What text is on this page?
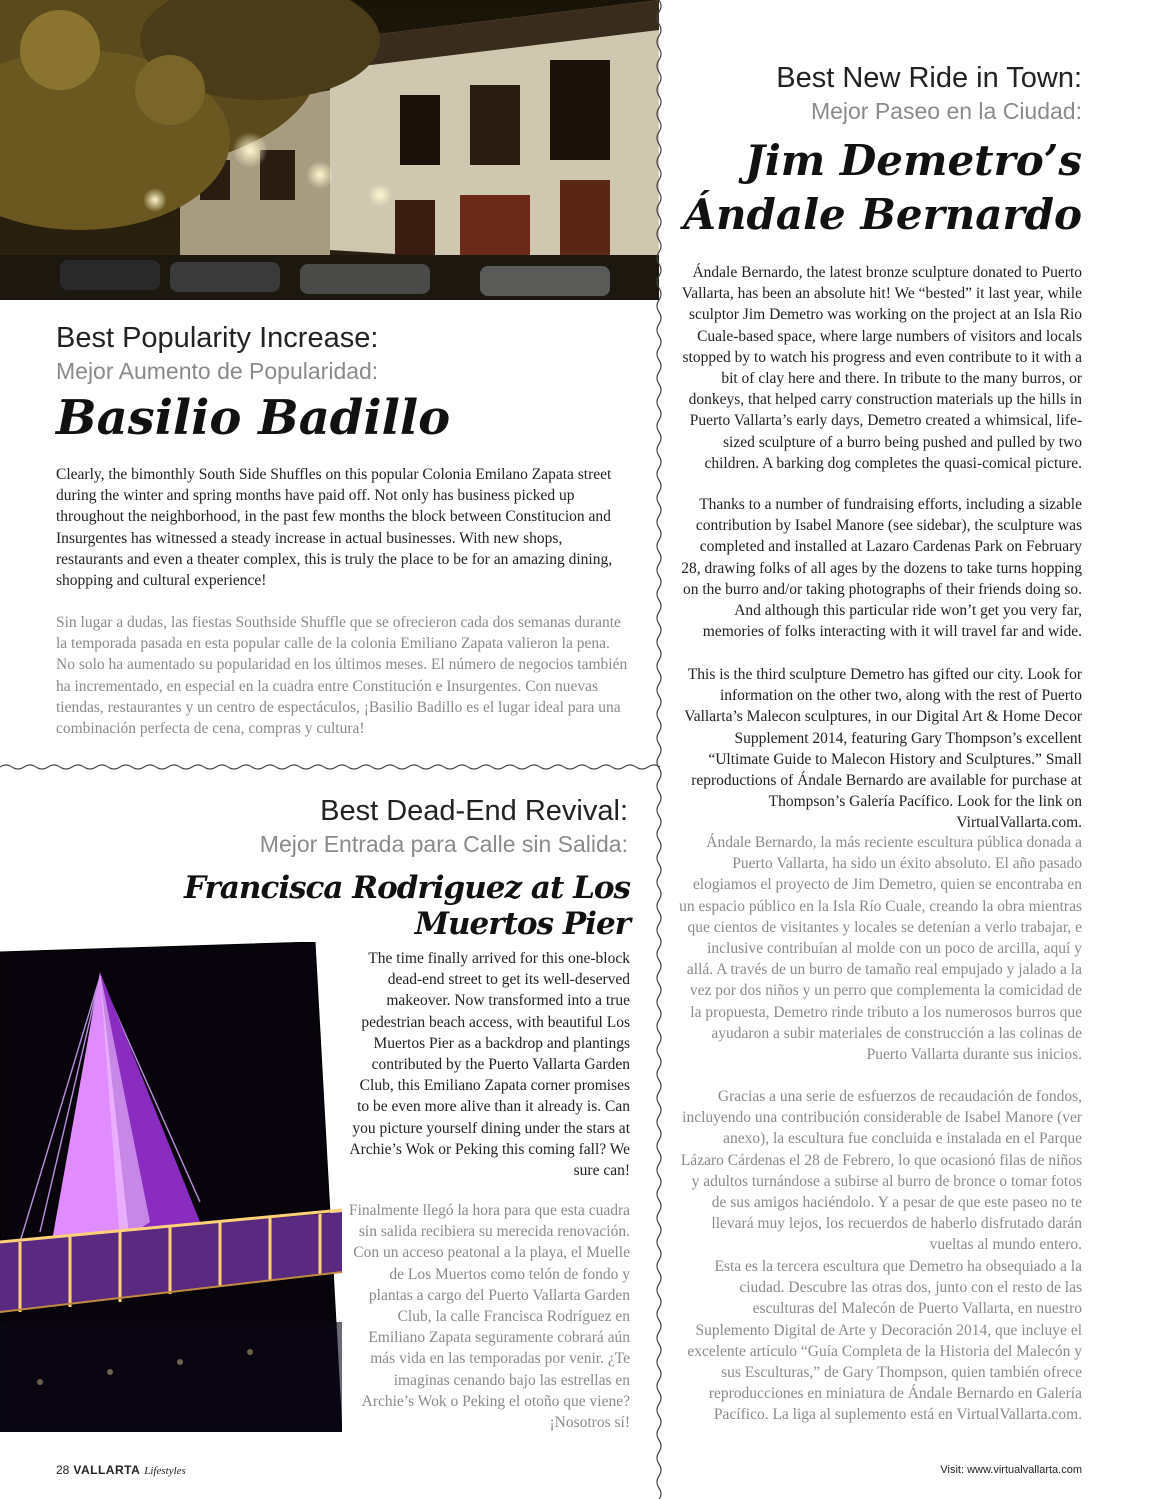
Best Popularity Increase:
Mejor Aumento de Popularidad:
Basilio Badillo

Clearly, the bimonthly South Side Shuffles on this popular Colonia Emilano Zapata street during the winter and spring months have paid off. Not only has business picked up throughout the neighborhood, in the past few months the block between Constitucion and Insurgentes has witnessed a steady increase in actual businesses. With new shops, restaurants and even a theater complex, this is truly the place to be for an amazing dining, shopping and cultural experience!

Sin lugar a dudas, las fiestas Southside Shuffle que se ofrecieron cada dos semanas durante la temporada pasada en esta popular calle de la colonia Emiliano Zapata valieron la pena. No solo ha aumentado su popularidad en los últimos meses. El número de negocios también ha incrementado, en especial en la cuadra entre Constitución e Insurgentes. Con nuevas tiendas, restaurantes y un centro de espectáculos, ¡Basilio Badillo es el lugar ideal para una combinación perfecta de cena, compras y cultura!

Best Dead-End Revival:
Mejor Entrada para Calle sin Salida:
Francisca Rodriguez at Los Muertos Pier

The time finally arrived for this one-block dead-end street to get its well-deserved makeover. Now transformed into a true pedestrian beach access, with beautiful Los Muertos Pier as a backdrop and plantings contributed by the Puerto Vallarta Garden Club, this Emiliano Zapata corner promises to be even more alive than it already is. Can you picture yourself dining under the stars at Archie’s Wok or Peking this coming fall? We sure can!

Finalmente llegó la hora para que esta cuadra sin salida recibiera su merecida renovación. Con un acceso peatonal a la playa, el Muelle de Los Muertos como telón de fondo y plantas a cargo del Puerto Vallarta Garden Club, la calle Francisca Rodríguez en Emiliano Zapata seguramente cobrará aún más vida en las temporadas por venir. ¿Te imaginas cenando bajo las estrellas en Archie’s Wok o Peking el otoño que viene? ¡Nosotros sí!

Best New Ride in Town:
Mejor Paseo en la Ciudad:
Jim Demetro’s
Ándale Bernardo

Ándale Bernardo, the latest bronze sculpture donated to Puerto Vallarta, has been an absolute hit! We “bested” it last year, while sculptor Jim Demetro was working on the project at an Isla Rio Cuale-based space, where large numbers of visitors and locals stopped by to watch his progress and even contribute to it with a bit of clay here and there. In tribute to the many burros, or donkeys, that helped carry construction materials up the hills in Puerto Vallarta’s early days, Demetro created a whimsical, life-sized sculpture of a burro being pushed and pulled by two children. A barking dog completes the quasi-comical picture.

Thanks to a number of fundraising efforts, including a sizable contribution by Isabel Manore (see sidebar), the sculpture was completed and installed at Lazaro Cardenas Park on February 28, drawing folks of all ages by the dozens to take turns hopping on the burro and/or taking photographs of their friends doing so. And although this particular ride won’t get you very far, memories of folks interacting with it will travel far and wide.

This is the third sculpture Demetro has gifted our city. Look for information on the other two, along with the rest of Puerto Vallarta’s Malecon sculptures, in our Digital Art & Home Decor Supplement 2014, featuring Gary Thompson’s excellent “Ultimate Guide to Malecon History and Sculptures.” Small reproductions of Ándale Bernardo are available for purchase at Thompson’s Galería Pacífico. Look for the link on VirtualVallarta.com.

Ándale Bernardo, la más reciente escultura pública donada a Puerto Vallarta, ha sido un éxito absoluto. El año pasado elogiamos el proyecto de Jim Demetro, quien se encontraba en un espacio público en la Isla Río Cuale, creando la obra mientras que cientos de visitantes y locales se detenían a verlo trabajar, e inclusive contribuían al molde con un poco de arcilla, aquí y allá. A través de un burro de tamaño real empujado y jalado a la vez por dos niños y un perro que complementa la comicidad de la propuesta, Demetro rinde tributo a los numerosos burros que ayudaron a subir materiales de construcción a las colinas de Puerto Vallarta durante sus inicios.

Gracias a una serie de esfuerzos de recaudación de fondos, incluyendo una contribución considerable de Isabel Manore (ver anexo), la escultura fue concluida e instalada en el Parque Lázaro Cárdenas el 28 de Febrero, lo que ocasionó filas de niños y adultos turnándose a subirse al burro de bronce o tomar fotos de sus amigos haciéndolo. Y a pesar de que este paseo no te llevará muy lejos, los recuerdos de haberlo disfrutado darán vueltas al mundo entero.

Esta es la tercera escultura que Demetro ha obsequiado a la ciudad. Descubre las otras dos, junto con el resto de las esculturas del Malecón de Puerto Vallarta, en nuestro Suplemento Digital de Arte y Decoración 2014, que incluye el excelente artículo “Guía Completa de la Historia del Malecón y sus Esculturas,” de Gary Thompson, quien también ofrece reproducciones en miniatura de Ándale Bernardo en Galería Pacífico. La liga al suplemento está en VirtualVallarta.com.

28 VALLARTA Lifestyles	Visit: www.virtualvallarta.com
